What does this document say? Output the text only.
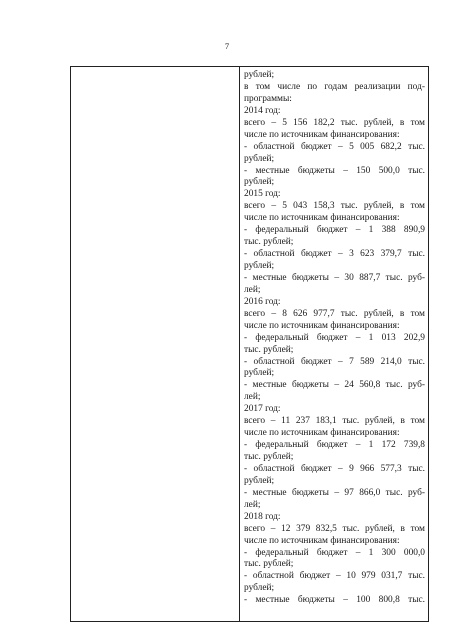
7
рублей;
в том числе по годам реализации под-
программы:
2014 год:
всего – 5 156 182,2 тыс. рублей, в том
числе по источникам финансирования:
- областной бюджет – 5 005 682,2 тыс.
рублей;
- местные бюджеты – 150 500,0 тыс.
рублей;
2015 год:
всего – 5 043 158,3 тыс. рублей, в том
числе по источникам финансирования:
- федеральный бюджет – 1 388 890,9
тыс. рублей;
- областной бюджет – 3 623 379,7 тыс.
рублей;
- местные бюджеты – 30 887,7 тыс. руб-
лей;
2016 год:
всего – 8 626 977,7 тыс. рублей, в том
числе по источникам финансирования:
- федеральный бюджет – 1 013 202,9
тыс. рублей;
- областной бюджет – 7 589 214,0 тыс.
рублей;
- местные бюджеты – 24 560,8 тыс. руб-
лей;
2017 год:
всего – 11 237 183,1 тыс. рублей, в том
числе по источникам финансирования:
- федеральный бюджет – 1 172 739,8
тыс. рублей;
- областной бюджет – 9 966 577,3 тыс.
рублей;
- местные бюджеты – 97 866,0 тыс. руб-
лей;
2018 год:
всего – 12 379 832,5 тыс. рублей, в том
числе по источникам финансирования:
- федеральный бюджет – 1 300 000,0
тыс. рублей;
- областной бюджет – 10 979 031,7 тыс.
рублей;
- местные бюджеты – 100 800,8 тыс.
